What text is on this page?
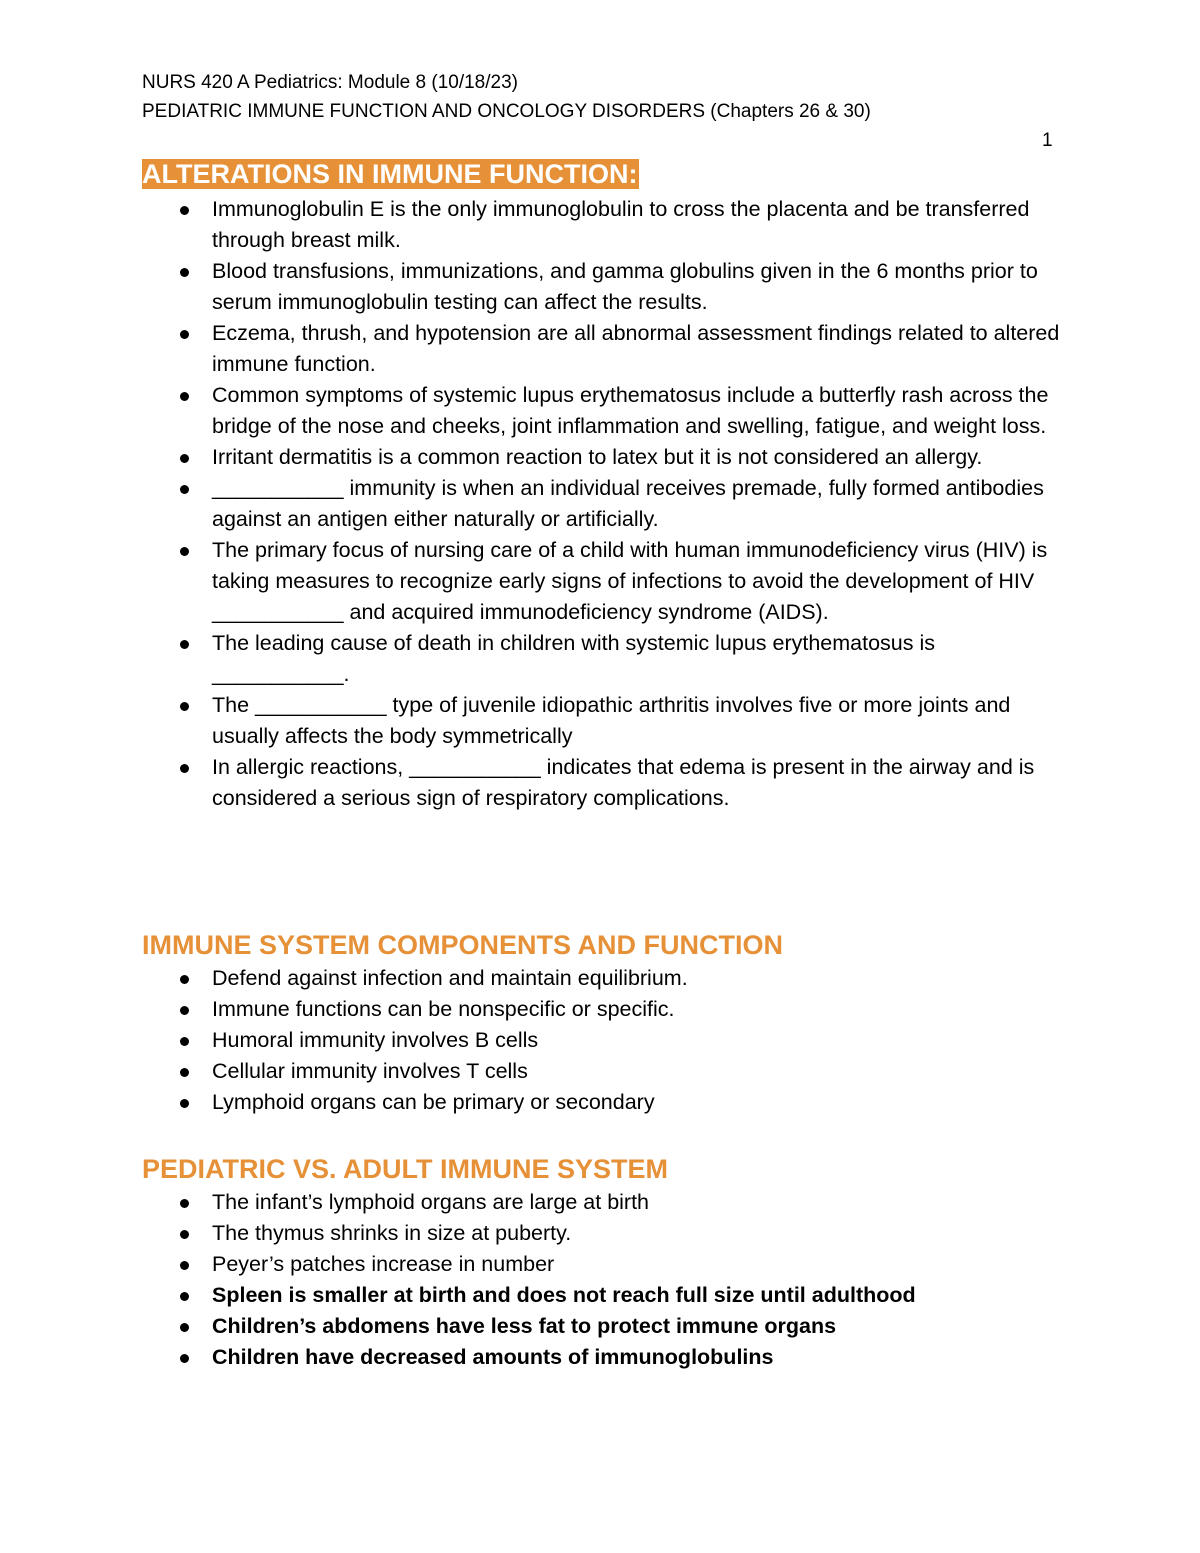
NURS 420 A Pediatrics: Module 8 (10/18/23)
PEDIATRIC IMMUNE FUNCTION AND ONCOLOGY DISORDERS (Chapters 26 & 30)
1
ALTERATIONS IN IMMUNE FUNCTION:
Immunoglobulin E is the only immunoglobulin to cross the placenta and be transferred through breast milk.
Blood transfusions, immunizations, and gamma globulins given in the 6 months prior to serum immunoglobulin testing can affect the results.
Eczema, thrush, and hypotension are all abnormal assessment findings related to altered immune function.
Common symptoms of systemic lupus erythematosus include a butterfly rash across the bridge of the nose and cheeks, joint inflammation and swelling, fatigue, and weight loss.
Irritant dermatitis is a common reaction to latex but it is not considered an allergy.
___________ immunity is when an individual receives premade, fully formed antibodies against an antigen either naturally or artificially.
The primary focus of nursing care of a child with human immunodeficiency virus (HIV) is taking measures to recognize early signs of infections to avoid the development of HIV ___________ and acquired immunodeficiency syndrome (AIDS).
The leading cause of death in children with systemic lupus erythematosus is ___________.
The ___________ type of juvenile idiopathic arthritis involves five or more joints and usually affects the body symmetrically
In allergic reactions, ___________ indicates that edema is present in the airway and is considered a serious sign of respiratory complications.
IMMUNE SYSTEM COMPONENTS AND FUNCTION
Defend against infection and maintain equilibrium.
Immune functions can be nonspecific or specific.
Humoral immunity involves B cells
Cellular immunity involves T cells
Lymphoid organs can be primary or secondary
PEDIATRIC VS. ADULT IMMUNE SYSTEM
The infant’s lymphoid organs are large at birth
The thymus shrinks in size at puberty.
Peyer’s patches increase in number
Spleen is smaller at birth and does not reach full size until adulthood
Children’s abdomens have less fat to protect immune organs
Children have decreased amounts of immunoglobulins
